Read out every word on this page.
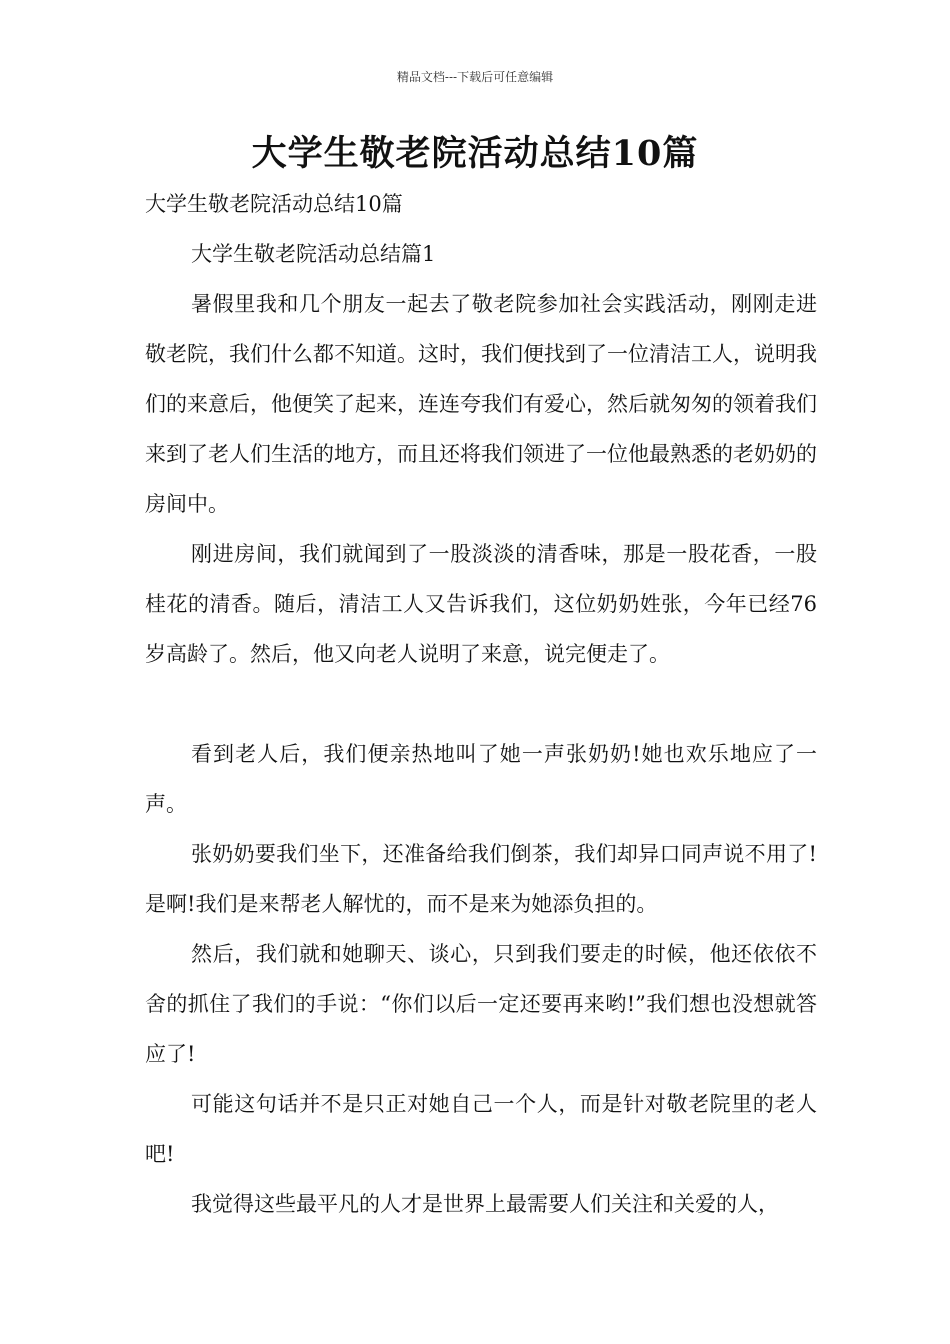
精品文档---下载后可任意编辑
大学生敬老院活动总结10篇

大学生敬老院活动总结10篇

大学生敬老院活动总结篇1

暑假里我和几个朋友一起去了敬老院参加社会实践活动，刚刚走进敬老院，我们什么都不知道。这时，我们便找到了一位清洁工人，说明我们的来意后，他便笑了起来，连连夸我们有爱心，然后就匆匆的领着我们来到了老人们生活的地方，而且还将我们领进了一位他最熟悉的老奶奶的房间中。

刚进房间，我们就闻到了一股淡淡的清香味，那是一股花香，一股桂花的清香。随后，清洁工人又告诉我们，这位奶奶姓张，今年已经76岁高龄了。然后，他又向老人说明了来意，说完便走了。

看到老人后，我们便亲热地叫了她一声张奶奶!她也欢乐地应了一声。

张奶奶要我们坐下，还准备给我们倒茶，我们却异口同声说不用了!是啊!我们是来帮老人解忧的，而不是来为她添负担的。

然后，我们就和她聊天、谈心，只到我们要走的时候，他还依依不舍的抓住了我们的手说：“你们以后一定还要再来哟!”我们想也没想就答应了!

可能这句话并不是只正对她自己一个人，而是针对敬老院里的老人吧!

我觉得这些最平凡的人才是世界上最需要人们关注和关爱的人，
